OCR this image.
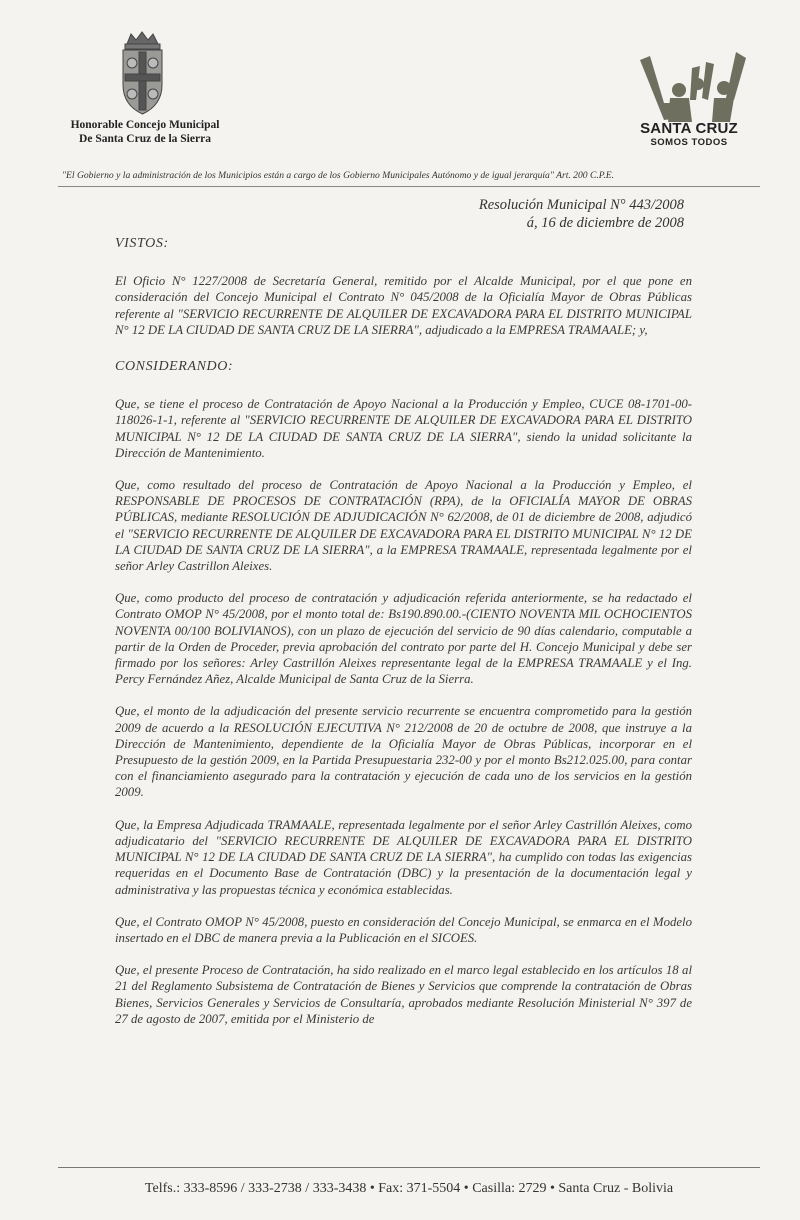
Honorable Concejo Municipal
De Santa Cruz de la Sierra
SANTA CRUZ
SOMOS TODOS
"El Gobierno y la administración de los Municipios están a cargo de los Gobierno Municipales Autónomo y de igual jerarquía" Art. 200 C.P.E.
Resolución Municipal N° 443/2008
á, 16 de diciembre de 2008

VISTOS:

El Oficio N° 1227/2008 de Secretaría General, remitido por el Alcalde Municipal, por el que pone en consideración del Concejo Municipal el Contrato N° 045/2008 de la Oficialía Mayor de Obras Públicas referente al "SERVICIO RECURRENTE DE ALQUILER DE EXCAVADORA PARA EL DISTRITO MUNICIPAL N° 12 DE LA CIUDAD DE SANTA CRUZ DE LA SIERRA", adjudicado a la EMPRESA TRAMAALE; y,

CONSIDERANDO:

Que, se tiene el proceso de Contratación de Apoyo Nacional a la Producción y Empleo, CUCE 08-1701-00-118026-1-1, referente al "SERVICIO RECURRENTE DE ALQUILER DE EXCAVADORA PARA EL DISTRITO MUNICIPAL N° 12 DE LA CIUDAD DE SANTA CRUZ DE LA SIERRA", siendo la unidad solicitante la Dirección de Mantenimiento.

Que, como resultado del proceso de Contratación de Apoyo Nacional a la Producción y Empleo, el RESPONSABLE DE PROCESOS DE CONTRATACIÓN (RPA), de la OFICIALÍA MAYOR DE OBRAS PÚBLICAS, mediante RESOLUCIÓN DE ADJUDICACIÓN N° 62/2008, de 01 de diciembre de 2008, adjudicó el "SERVICIO RECURRENTE DE ALQUILER DE EXCAVADORA PARA EL DISTRITO MUNICIPAL N° 12 DE LA CIUDAD DE SANTA CRUZ DE LA SIERRA", a la EMPRESA TRAMAALE, representada legalmente por el señor Arley Castrillon Aleixes.

Que, como producto del proceso de contratación y adjudicación referida anteriormente, se ha redactado el Contrato OMOP N° 45/2008, por el monto total de: Bs190.890.00.-(CIENTO NOVENTA MIL OCHOCIENTOS NOVENTA 00/100 BOLIVIANOS), con un plazo de ejecución del servicio de 90 días calendario, computable a partir de la Orden de Proceder, previa aprobación del contrato por parte del H. Concejo Municipal y debe ser firmado por los señores: Arley Castrillón Aleixes representante legal de la EMPRESA TRAMAALE y el Ing. Percy Fernández Añez, Alcalde Municipal de Santa Cruz de la Sierra.

Que, el monto de la adjudicación del presente servicio recurrente se encuentra comprometido para la gestión 2009 de acuerdo a la RESOLUCIÓN EJECUTIVA N° 212/2008 de 20 de octubre de 2008, que instruye a la Dirección de Mantenimiento, dependiente de la Oficialía Mayor de Obras Públicas, incorporar en el Presupuesto de la gestión 2009, en la Partida Presupuestaria 232-00 y por el monto Bs212.025.00, para contar con el financiamiento asegurado para la contratación y ejecución de cada uno de los servicios en la gestión 2009.

Que, la Empresa Adjudicada TRAMAALE, representada legalmente por el señor Arley Castrillón Aleixes, como adjudicatario del "SERVICIO RECURRENTE DE ALQUILER DE EXCAVADORA PARA EL DISTRITO MUNICIPAL N° 12 DE LA CIUDAD DE SANTA CRUZ DE LA SIERRA", ha cumplido con todas las exigencias requeridas en el Documento Base de Contratación (DBC) y la presentación de la documentación legal y administrativa y las propuestas técnica y económica establecidas.

Que, el Contrato OMOP N° 45/2008, puesto en consideración del Concejo Municipal, se enmarca en el Modelo insertado en el DBC de manera previa a la Publicación en el SICOES.

Que, el presente Proceso de Contratación, ha sido realizado en el marco legal establecido en los artículos 18 al 21 del Reglamento Subsistema de Contratación de Bienes y Servicios que comprende la contratación de Obras Bienes, Servicios Generales y Servicios de Consultaría, aprobados mediante Resolución Ministerial N° 397 de 27 de agosto de 2007, emitida por el Ministerio de

Telfs.: 333-8596 / 333-2738 / 333-3438 • Fax: 371-5504 • Casilla: 2729 • Santa Cruz - Bolivia
